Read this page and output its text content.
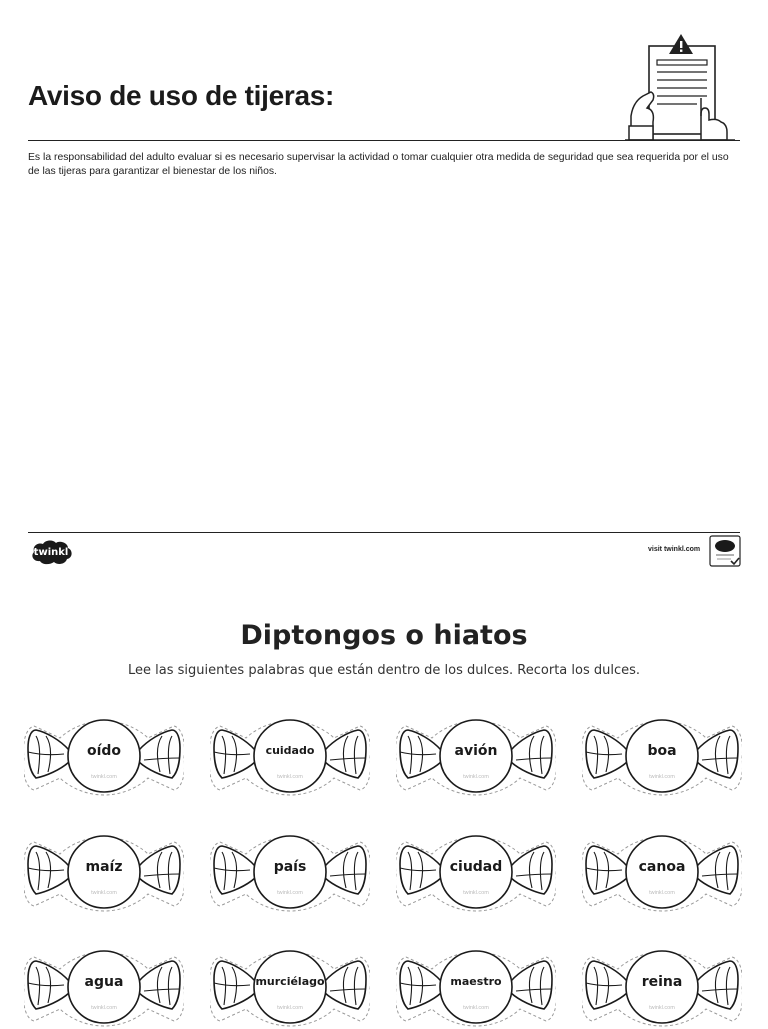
Aviso de uso de tijeras:

Es la responsabilidad del adulto evaluar si es necesario supervisar la actividad o tomar cualquier otra medida de seguridad que sea requerida por el uso de las tijeras para garantizar el bienestar de los niños.

twinkl	visit twinkl.com
Diptongos o hiatos

Lee las siguientes palabras que están dentro de los dulces. Recorta los dulces.

oído
twinkl.com
cuidado
twinkl.com
avión
twinkl.com
boa
twinkl.com
maíz
twinkl.com
país
twinkl.com
ciudad
twinkl.com
canoa
twinkl.com
agua
twinkl.com
murciélago
twinkl.com
maestro
twinkl.com
reina
twinkl.com
